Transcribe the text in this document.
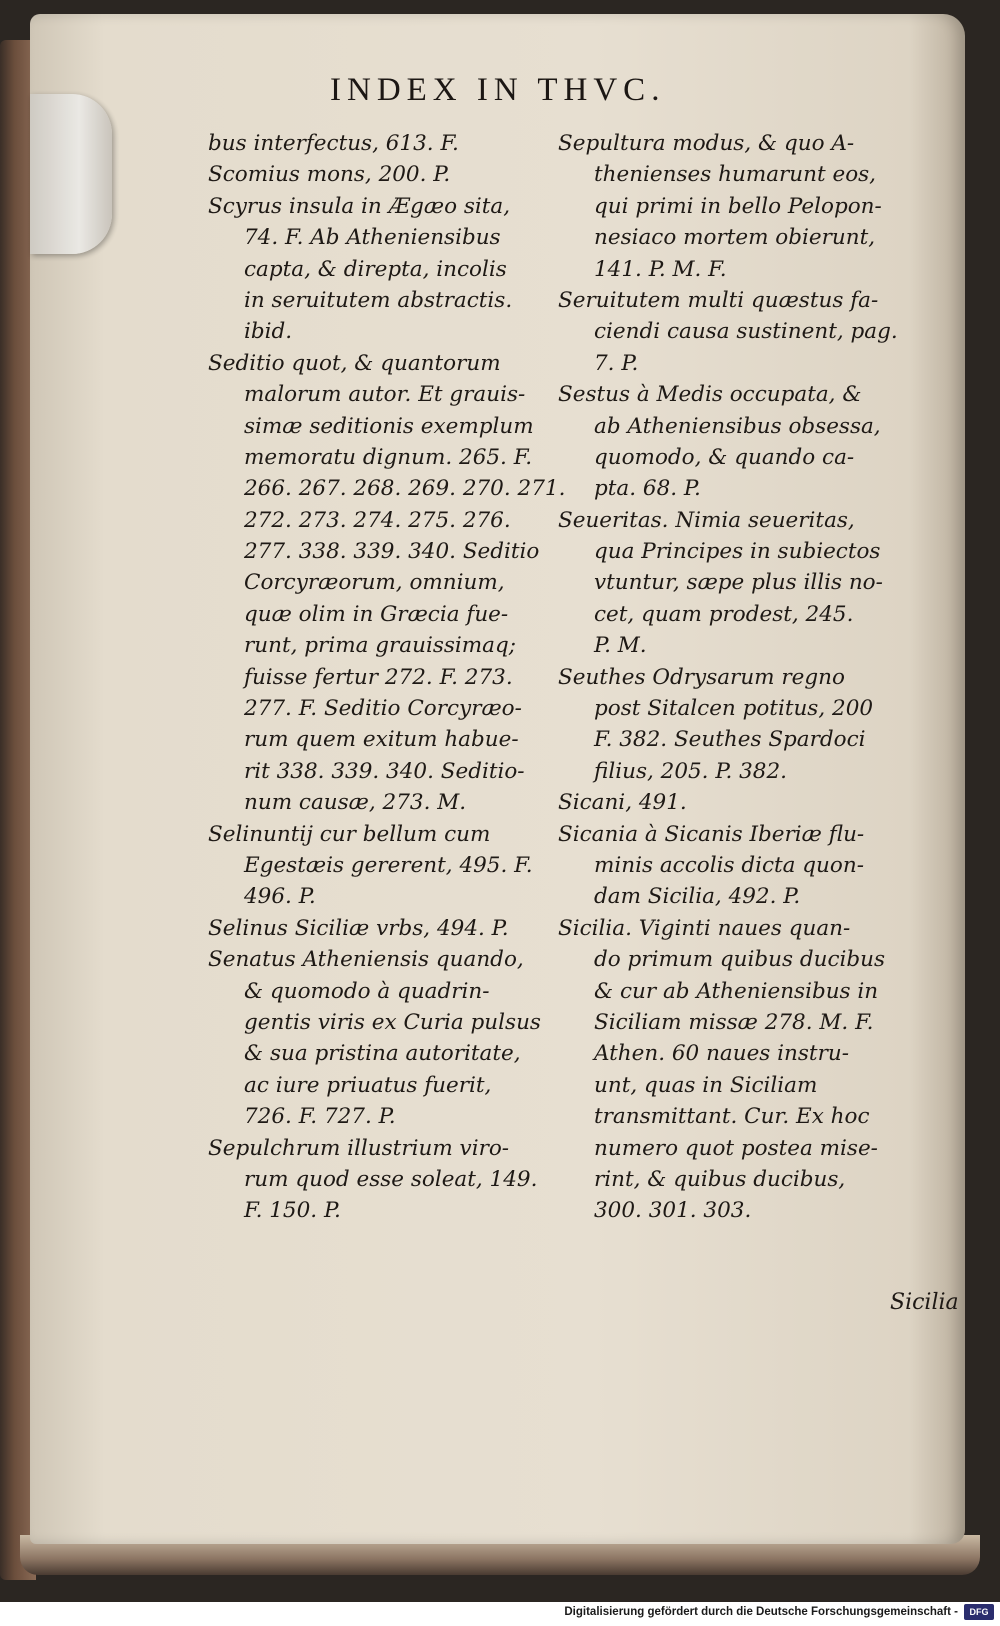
INDEX IN THVC.
bus interfectus, 613. F.
Scomius mons, 200. P.
Scyrus insula in Ægæo sita,
74. F. Ab Atheniensibus
capta, & direpta, incolis
in seruitutem abstractis.
ibid.
Seditio quot, & quantorum
malorum autor. Et grauis-
simæ seditionis exemplum
memoratu dignum. 265. F.
266. 267. 268. 269. 270. 271.
272. 273. 274. 275. 276.
277. 338. 339. 340. Seditio
Corcyræorum, omnium,
quæ olim in Græcia fue-
runt, prima grauissimaq;
fuisse fertur 272. F. 273.
277. F. Seditio Corcyræo-
rum quem exitum habue-
rit 338. 339. 340. Seditio-
num causæ, 273. M.
Selinuntij cur bellum cum
Egestæis gererent, 495. F.
496. P.
Selinus Siciliæ vrbs, 494. P.
Senatus Atheniensis quando,
& quomodo à quadrin-
gentis viris ex Curia pulsus
& sua pristina autoritate,
ac iure priuatus fuerit,
726. F. 727. P.
Sepulchrum illustrium viro-
rum quod esse soleat, 149.
F. 150. P.
Sepultura modus, & quo A-
thenienses humarunt eos,
qui primi in bello Pelopon-
nesiaco mortem obierunt,
141. P. M. F.
Seruitutem multi quæstus fa-
ciendi causa sustinent, pag.
7. P.
Sestus à Medis occupata, &
ab Atheniensibus obsessa,
quomodo, & quando ca-
pta. 68. P.
Seueritas. Nimia seueritas,
qua Principes in subiectos
vtuntur, sæpe plus illis no-
cet, quam prodest, 245.
P. M.
Seuthes Odrysarum regno
post Sitalcen potitus, 200
F. 382. Seuthes Spardoci
filius, 205. P. 382.
Sicani, 491.
Sicania à Sicanis Iberiæ flu-
minis accolis dicta quon-
dam Sicilia, 492. P.
Sicilia. Viginti naues quan-
do primum quibus ducibus
& cur ab Atheniensibus in
Siciliam missæ 278. M. F.
Athen. 60 naues instru-
unt, quas in Siciliam
transmittant. Cur. Ex hoc
numero quot postea mise-
rint, & quibus ducibus,
300. 301. 303.
Sicilia
Digitalisierung gefördert durch die Deutsche Forschungsgemeinschaft -	DFG
